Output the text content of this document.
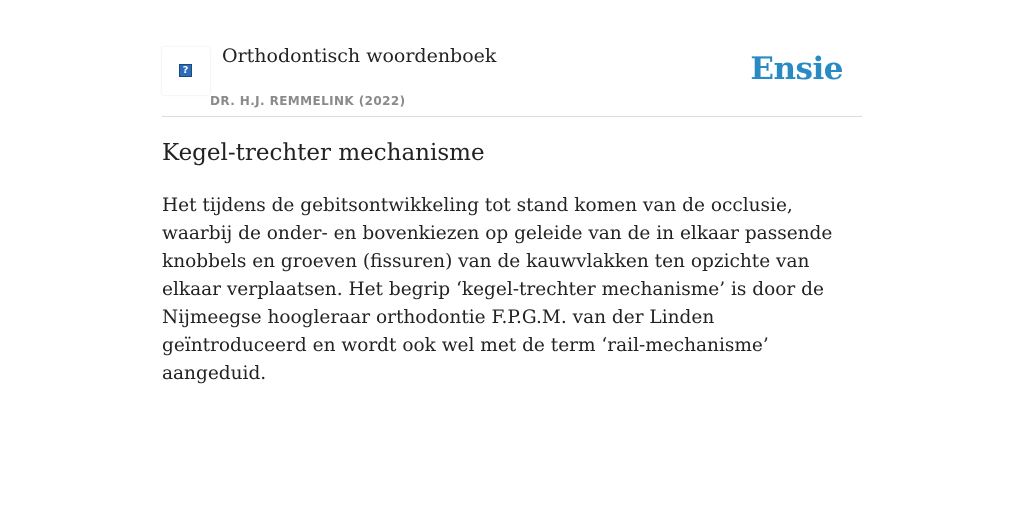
?
Orthodontisch woordenboek
DR. H.J. REMMELINK (2022)
Ensie
Kegel-trechter mechanisme

Het tijdens de gebitsontwikkeling tot stand komen van de occlusie, waarbij de onder- en bovenkiezen op geleide van de in elkaar passende knobbels en groeven (fissuren) van de kauwvlakken ten opzichte van elkaar verplaatsen. Het begrip ‘kegel-trechter mechanisme’ is door de Nijmeegse hoogleraar orthodontie F.P.G.M. van der Linden geïntroduceerd en wordt ook wel met de term ‘rail-mechanisme’ aangeduid.
